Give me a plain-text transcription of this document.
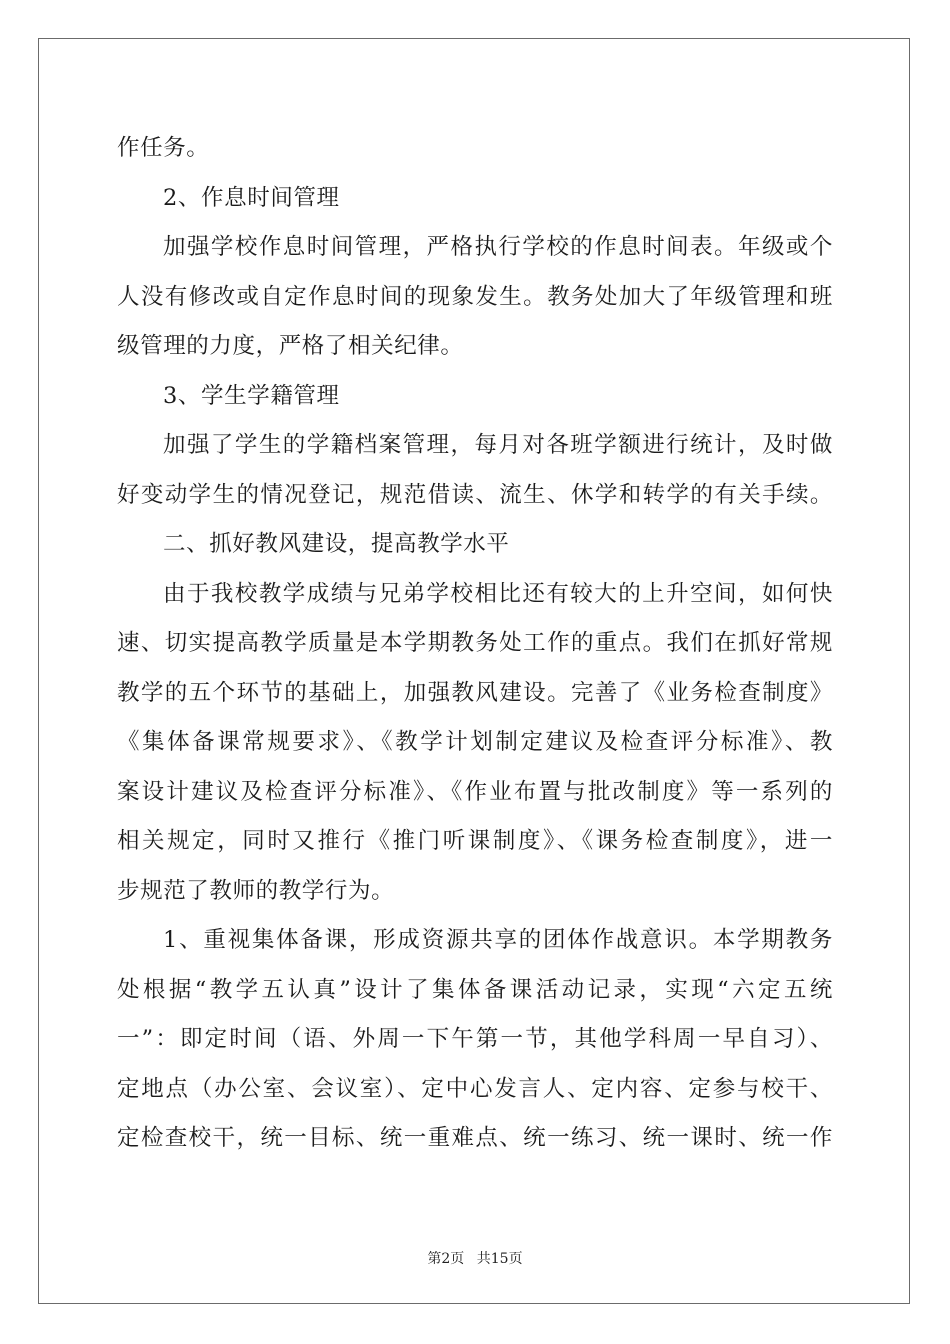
作任务。
2、作息时间管理
加强学校作息时间管理，严格执行学校的作息时间表。年级或个
人没有修改或自定作息时间的现象发生。教务处加大了年级管理和班
级管理的力度，严格了相关纪律。
3、学生学籍管理
加强了学生的学籍档案管理，每月对各班学额进行统计，及时做
好变动学生的情况登记，规范借读、流生、休学和转学的有关手续。
二、抓好教风建设，提高教学水平
由于我校教学成绩与兄弟学校相比还有较大的上升空间，如何快
速、切实提高教学质量是本学期教务处工作的重点。我们在抓好常规
教学的五个环节的基础上，加强教风建设。完善了《业务检查制度》
《集体备课常规要求》、《教学计划制定建议及检查评分标准》、教
案设计建议及检查评分标准》、《作业布置与批改制度》等一系列的
相关规定，同时又推行《推门听课制度》、《课务检查制度》，进一
步规范了教师的教学行为。
1、重视集体备课，形成资源共享的团体作战意识。本学期教务
处根据“教学五认真”设计了集体备课活动记录，实现“六定五统
一”：即定时间（语、外周一下午第一节，其他学科周一早自习）、
定地点（办公室、会议室）、定中心发言人、定内容、定参与校干、
定检查校干，统一目标、统一重难点、统一练习、统一课时、统一作
第2页 共15页
